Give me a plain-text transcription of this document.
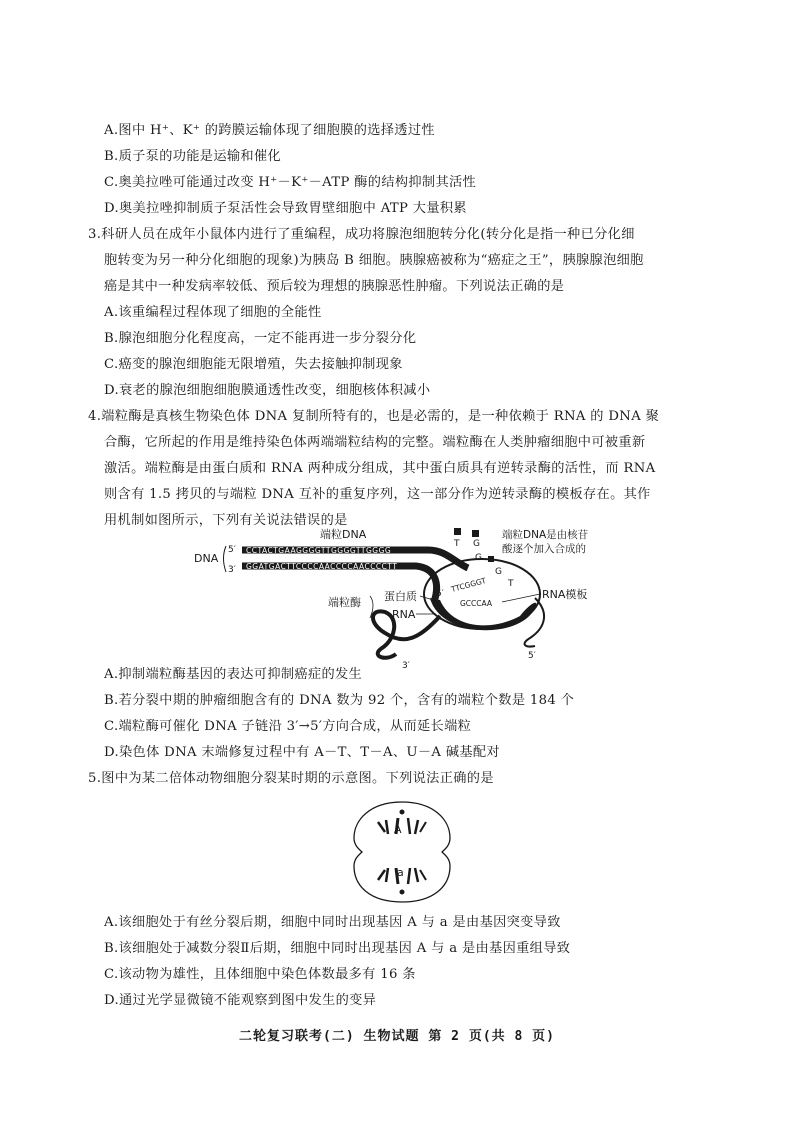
A.图中 H⁺、K⁺ 的跨膜运输体现了细胞膜的选择透过性
B.质子泵的功能是运输和催化
C.奥美拉唑可能通过改变 H⁺－K⁺－ATP 酶的结构抑制其活性
D.奥美拉唑抑制质子泵活性会导致胃壁细胞中 ATP 大量积累
3.科研人员在成年小鼠体内进行了重编程，成功将腺泡细胞转分化(转分化是指一种已分化细
胞转变为另一种分化细胞的现象)为胰岛 B 细胞。胰腺癌被称为“癌症之王”，胰腺腺泡细胞
癌是其中一种发病率较低、预后较为理想的胰腺恶性肿瘤。下列说法正确的是
A.该重编程过程体现了细胞的全能性
B.腺泡细胞分化程度高，一定不能再进一步分裂分化
C.癌变的腺泡细胞能无限增殖，失去接触抑制现象
D.衰老的腺泡细胞细胞膜通透性改变，细胞核体积减小
4.端粒酶是真核生物染色体 DNA 复制所特有的，也是必需的，是一种依赖于 RNA 的 DNA 聚
合酶，它所起的作用是维持染色体两端端粒结构的完整。端粒酶在人类肿瘤细胞中可被重新
激活。端粒酶是由蛋白质和 RNA 两种成分组成，其中蛋白质具有逆转录酶的活性，而 RNA
则含有 1.5 拷贝的与端粒 DNA 互补的重复序列，这一部分作为逆转录酶的模板存在。其作
用机制如图所示，下列有关说法错误的是
CCTACTGAAGGGGTTGGGGTTGGGG
GGATGACTTCCCCAACCCCAACCCCTT
端粒DNA
DNA
5′
3′
T G
G
G
T
TTCGGGT
GCCCAA
5′
端粒DNA是由核苷
酸逐个加入合成的
端粒酶 蛋白质
RNA
RNA模板
3′
5′
A.抑制端粒酶基因的表达可抑制癌症的发生
B.若分裂中期的肿瘤细胞含有的 DNA 数为 92 个，含有的端粒个数是 184 个
C.端粒酶可催化 DNA 子链沿 3′→5′方向合成，从而延长端粒
D.染色体 DNA 末端修复过程中有 A－T、T－A、U－A 碱基配对
5.图中为某二倍体动物细胞分裂某时期的示意图。下列说法正确的是
A
a
A.该细胞处于有丝分裂后期，细胞中同时出现基因 A 与 a 是由基因突变导致
B.该细胞处于减数分裂Ⅱ后期，细胞中同时出现基因 A 与 a 是由基因重组导致
C.该动物为雄性，且体细胞中染色体数最多有 16 条
D.通过光学显微镜不能观察到图中发生的变异
二轮复习联考(二) 生物试题 第 2 页(共 8 页)
